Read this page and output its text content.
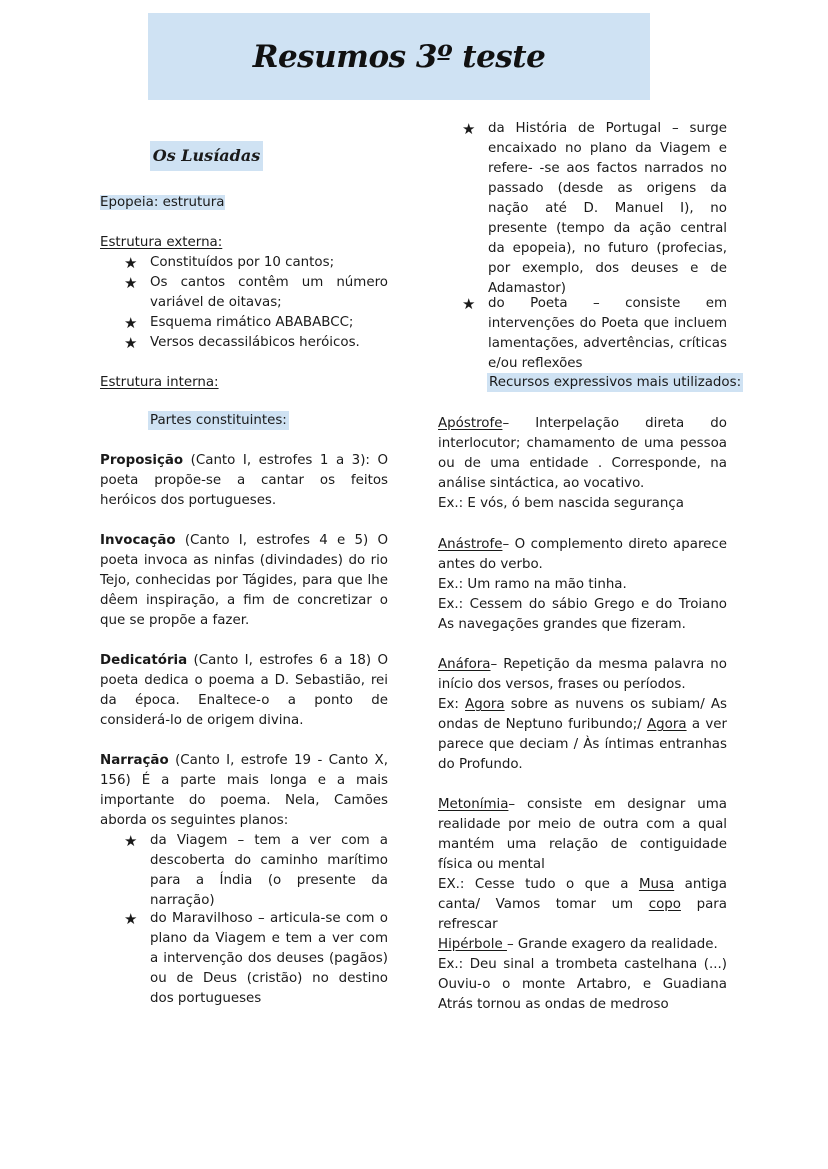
Resumos 3º teste
Os Lusíadas
Epopeia: estrutura
Estrutura externa:
★ Constituídos por 10 cantos;
★ Os cantos contêm um número variável de oitavas;
★ Esquema rimático ABABABCC;
★ Versos decassilábicos heróicos.
Estrutura interna:
Partes constituintes:

Proposição (Canto I, estrofes 1 a 3): O poeta propõe-se a cantar os feitos heróicos dos portugueses.

Invocação (Canto I, estrofes 4 e 5) O poeta invoca as ninfas (divindades) do rio Tejo, conhecidas por Tágides, para que lhe dêem inspiração, a fim de concretizar o que se propõe a fazer.

Dedicatória (Canto I, estrofes 6 a 18) O poeta dedica o poema a D. Sebastião, rei da época. Enaltece-o a ponto de considerá-lo de origem divina.

Narração (Canto I, estrofe 19 - Canto X, 156) É a parte mais longa e a mais importante do poema. Nela, Camões aborda os seguintes planos:

★ da Viagem – tem a ver com a descoberta do caminho marítimo para a Índia (o presente da narração)
★ do Maravilhoso – articula-se com o plano da Viagem e tem a ver com a intervenção dos deuses (pagãos) ou de Deus (cristão) no destino dos portugueses
★ da História de Portugal – surge encaixado no plano da Viagem e refere- -se aos factos narrados no passado (desde as origens da nação até D. Manuel I), no presente (tempo da ação central da epopeia), no futuro (profecias, por exemplo, dos deuses e de Adamastor)
★ do Poeta – consiste em intervenções do Poeta que incluem lamentações, advertências, críticas e/ou reflexões
Recursos expressivos mais utilizados:

Apóstrofe– Interpelação direta do interlocutor; chamamento de uma pessoa ou de uma entidade . Corresponde, na análise sintáctica, ao vocativo.

Ex.: E vós, ó bem nascida segurança

Anástrofe– O complemento direto aparece antes do verbo.

Ex.: Um ramo na mão tinha.

Ex.: Cessem do sábio Grego e do Troiano As navegações grandes que fizeram.

Anáfora– Repetição da mesma palavra no início dos versos, frases ou períodos.

Ex: Agora sobre as nuvens os subiam/ As ondas de Neptuno furibundo;/ Agora a ver parece que deciam / Às íntimas entranhas do Profundo.

Metonímia– consiste em designar uma realidade por meio de outra com a qual mantém uma relação de contiguidade física ou mental

EX.: Cesse tudo o que a Musa antiga canta/ Vamos tomar um copo para refrescar

Hipérbole – Grande exagero da realidade.

Ex.: Deu sinal a trombeta castelhana (...) Ouviu-o o monte Artabro, e Guadiana Atrás tornou as ondas de medroso
